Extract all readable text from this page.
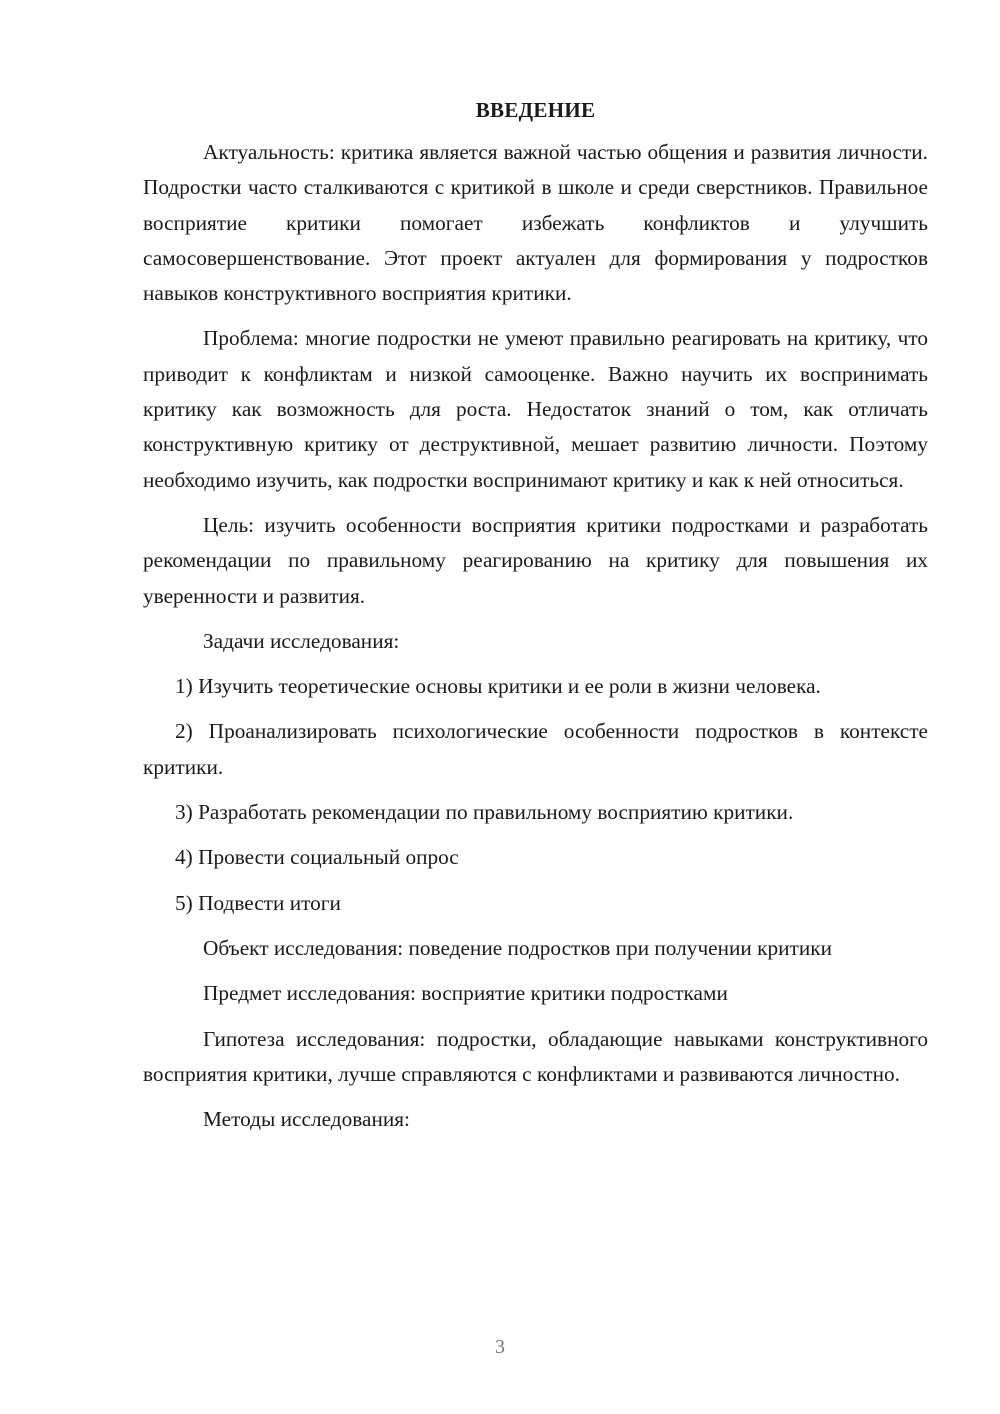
ВВЕДЕНИЕ

Актуальность: критика является важной частью общения и развития личности. Подростки часто сталкиваются с критикой в школе и среди сверстников. Правильное восприятие критики помогает избежать конфликтов и улучшить самосовершенствование. Этот проект актуален для формирования у подростков навыков конструктивного восприятия критики.

Проблема: многие подростки не умеют правильно реагировать на критику, что приводит к конфликтам и низкой самооценке. Важно научить их воспринимать критику как возможность для роста. Недостаток знаний о том, как отличать конструктивную критику от деструктивной, мешает развитию личности. Поэтому необходимо изучить, как подростки воспринимают критику и как к ней относиться.

Цель: изучить особенности восприятия критики подростками и разработать рекомендации по правильному реагированию на критику для повышения их уверенности и развития.

Задачи исследования:

1) Изучить теоретические основы критики и ее роли в жизни человека.

2) Проанализировать психологические особенности подростков в контексте критики.

3) Разработать рекомендации по правильному восприятию критики.

4) Провести социальный опрос

5) Подвести итоги

Объект исследования: поведение подростков при получении критики

Предмет исследования: восприятие критики подростками

Гипотеза исследования: подростки, обладающие навыками конструктивного восприятия критики, лучше справляются с конфликтами и развиваются личностно.

Методы исследования:

3
